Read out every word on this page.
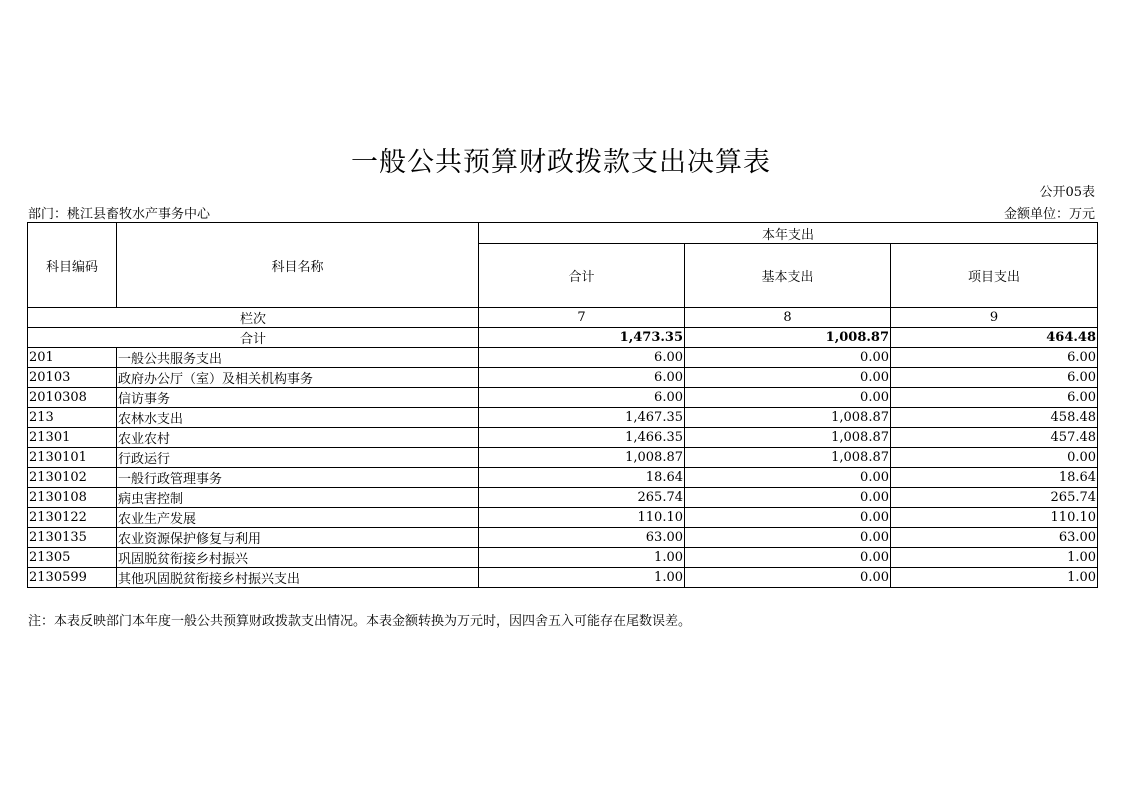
一般公共预算财政拨款支出决算表
公开05表
部门：桃江县畜牧水产事务中心	金额单位：万元
科目编码	科目名称	本年支出		
		合计	基本支出	项目支出
栏次		7	8	9
合计		1,473.35	1,008.87	464.48
201	一般公共服务支出	6.00	0.00	6.00
20103	政府办公厅（室）及相关机构事务	6.00	0.00	6.00
2010308	信访事务	6.00	0.00	6.00
213	农林水支出	1,467.35	1,008.87	458.48
21301	农业农村	1,466.35	1,008.87	457.48
2130101	行政运行	1,008.87	1,008.87	0.00
2130102	一般行政管理事务	18.64	0.00	18.64
2130108	病虫害控制	265.74	0.00	265.74
2130122	农业生产发展	110.10	0.00	110.10
2130135	农业资源保护修复与利用	63.00	0.00	63.00
21305	巩固脱贫衔接乡村振兴	1.00	0.00	1.00
2130599	其他巩固脱贫衔接乡村振兴支出	1.00	0.00	1.00
注：本表反映部门本年度一般公共预算财政拨款支出情况。本表金额转换为万元时，因四舍五入可能存在尾数误差。
